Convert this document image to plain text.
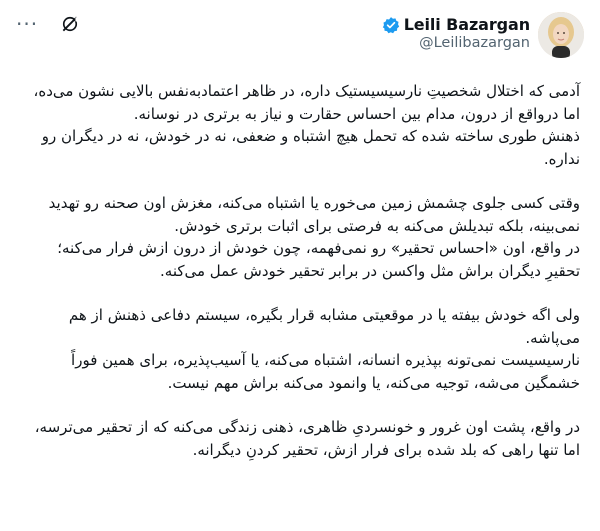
···	Leili Bazargan
@Leilibazargan
آدمی که اختلال شخصیتِ نارسیسیستیک داره، در ظاهر اعتمادبه‌نفس بالایی نشون می‌ده، اما درواقع از درون، مدام بین احساس حقارت و نیاز به برتری در نوسانه.
ذهنش طوری ساخته شده که تحمل هیچ اشتباه و ضعفی، نه در خودش، نه در دیگران رو نداره.
وقتی کسی جلوی چشمش زمین می‌خوره یا اشتباه می‌کنه، مغزش اون صحنه رو تهدید نمی‌بینه، بلکه تبدیلش می‌کنه به فرصتی برای اثبات برتری خودش.
در واقع، اون «احساس تحقیر» رو نمی‌فهمه، چون خودش از درون ازش فرار می‌کنه؛ تحقیرِ دیگران براش مثل واکسن در برابر تحقیر خودش عمل می‌کنه.
ولی اگه خودش بیفته یا در موقعیتی مشابه قرار بگیره، سیستم دفاعی ذهنش از هم می‌پاشه.
نارسیسیست نمی‌تونه بپذیره انسانه، اشتباه می‌کنه، یا آسیب‌پذیره، برای همین فوراً خشمگین می‌شه، توجیه می‌کنه، یا وانمود می‌کنه براش مهم نیست.
در واقع، پشت اون غرور و خونسردیِ ظاهری، ذهنی زندگی می‌کنه که از تحقیر می‌ترسه، اما تنها راهی که بلد شده برای فرار ازش، تحقیر کردنِ دیگرانه.
